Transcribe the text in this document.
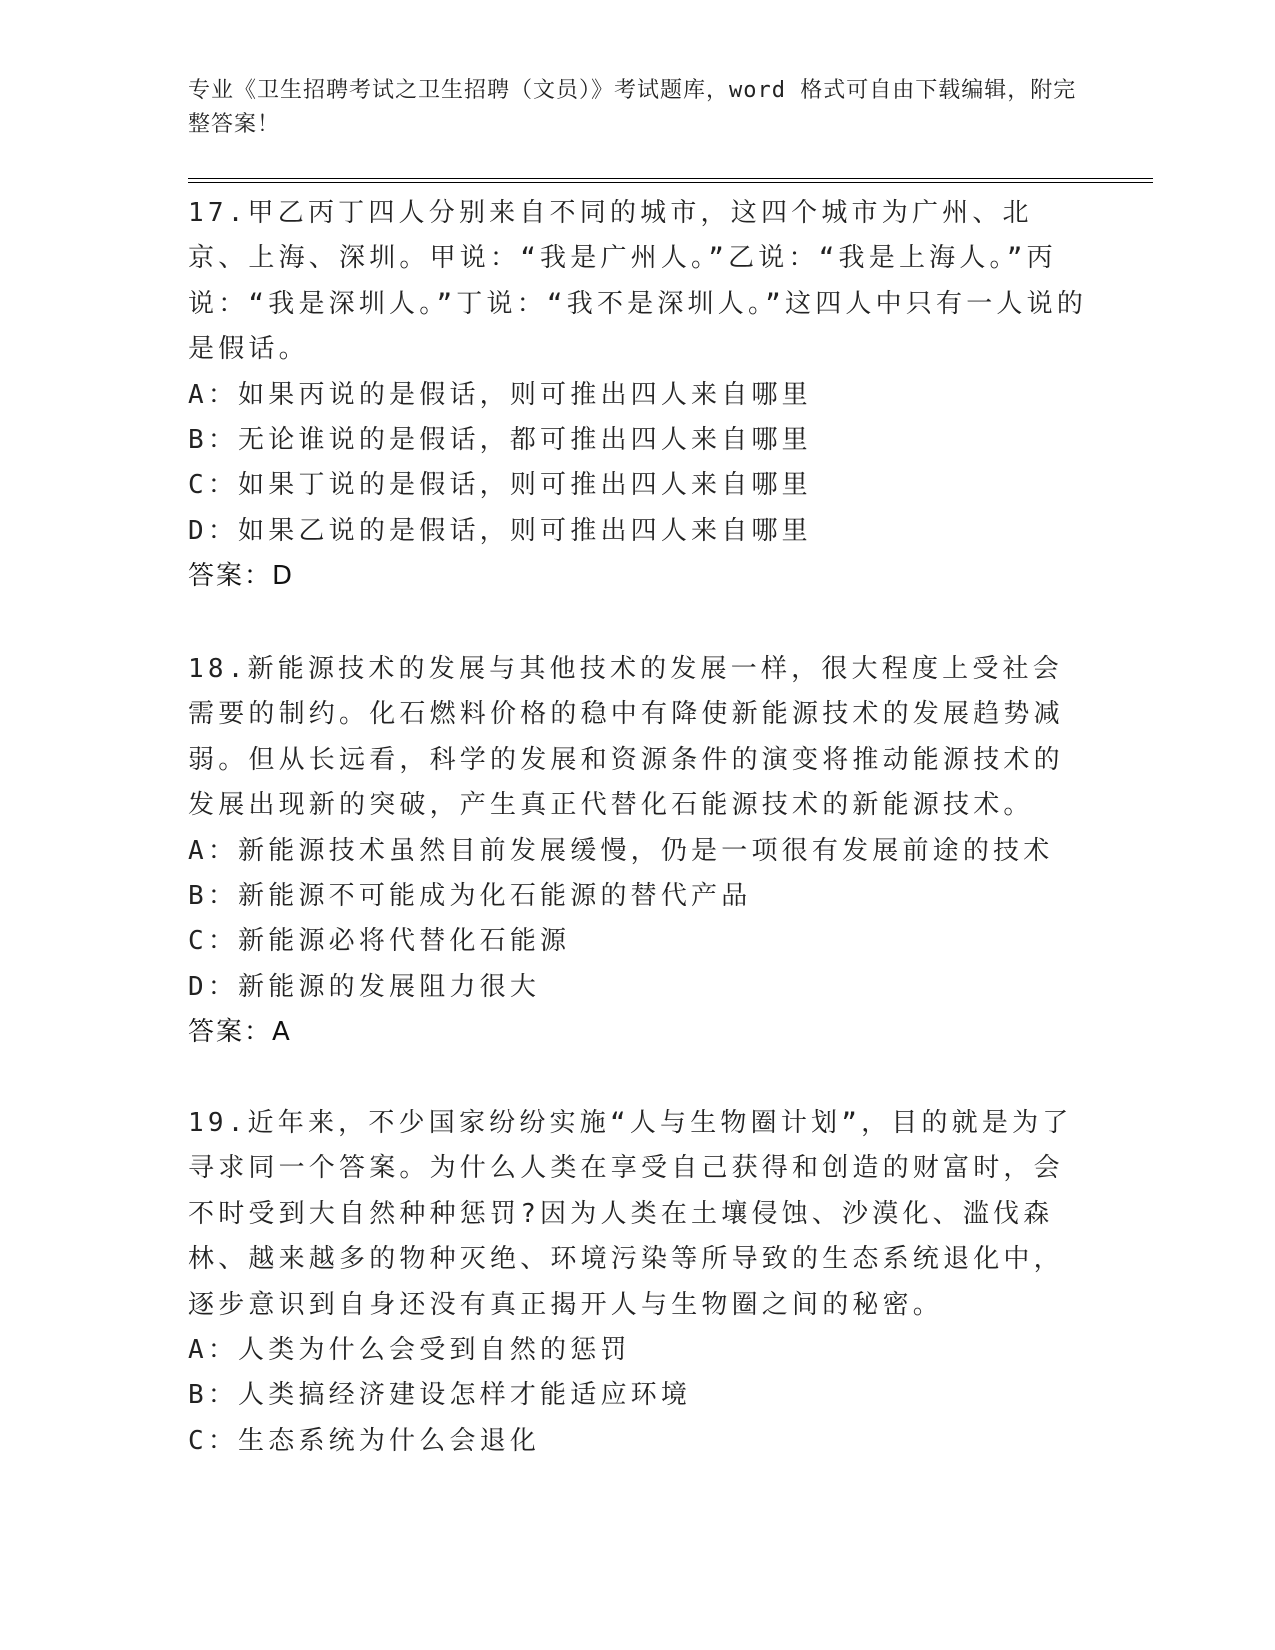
专业《卫生招聘考试之卫生招聘（文员）》考试题库，word 格式可自由下载编辑，附完整答案！

17.甲乙丙丁四人分别来自不同的城市，这四个城市为广州、北京、上海、深圳。甲说：“我是广州人。”乙说：“我是上海人。”丙说：“我是深圳人。”丁说：“我不是深圳人。”这四人中只有一人说的是假话。

A：如果丙说的是假话，则可推出四人来自哪里

B：无论谁说的是假话，都可推出四人来自哪里

C：如果丁说的是假话，则可推出四人来自哪里

D：如果乙说的是假话，则可推出四人来自哪里

答案：D

18.新能源技术的发展与其他技术的发展一样，很大程度上受社会需要的制约。化石燃料价格的稳中有降使新能源技术的发展趋势减弱。但从长远看，科学的发展和资源条件的演变将推动能源技术的发展出现新的突破，产生真正代替化石能源技术的新能源技术。

A：新能源技术虽然目前发展缓慢，仍是一项很有发展前途的技术

B：新能源不可能成为化石能源的替代产品

C：新能源必将代替化石能源

D：新能源的发展阻力很大

答案：A

19.近年来，不少国家纷纷实施“人与生物圈计划”，目的就是为了寻求同一个答案。为什么人类在享受自己获得和创造的财富时，会不时受到大自然种种惩罚?因为人类在土壤侵蚀、沙漠化、滥伐森林、越来越多的物种灭绝、环境污染等所导致的生态系统退化中，逐步意识到自身还没有真正揭开人与生物圈之间的秘密。

A：人类为什么会受到自然的惩罚

B：人类搞经济建设怎样才能适应环境

C：生态系统为什么会退化
